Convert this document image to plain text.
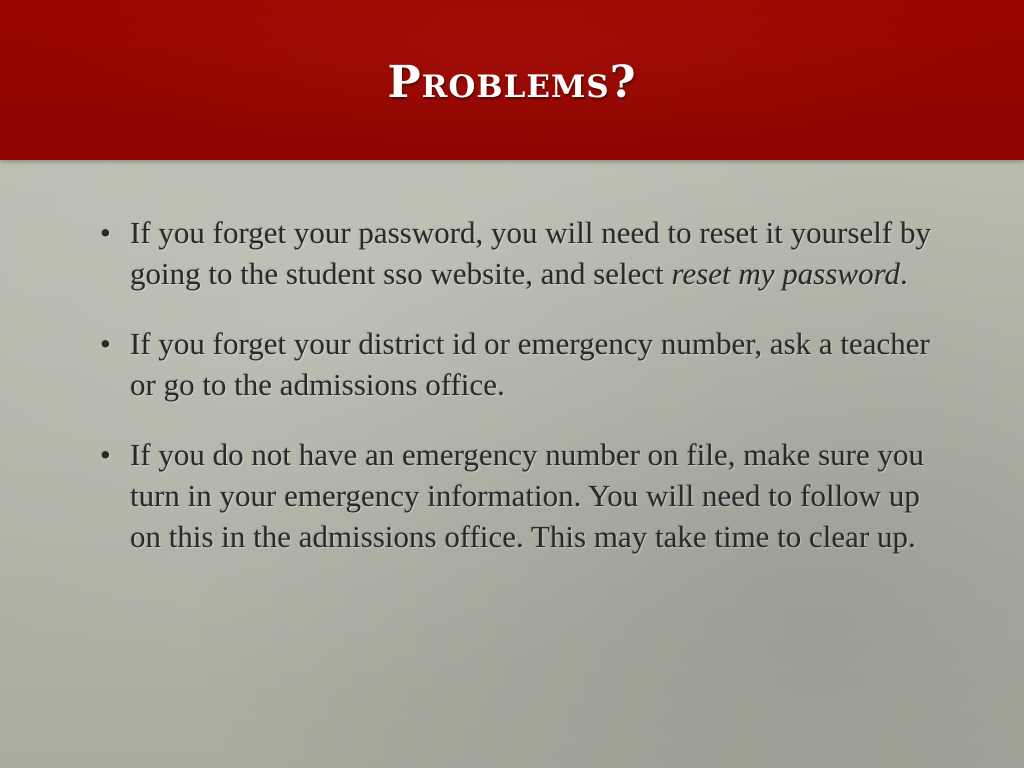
Problems?
• If you forget your password, you will need to reset it yourself by going to the student sso website, and select reset my password.
• If you forget your district id or emergency number, ask a teacher or go to the admissions office.
• If you do not have an emergency number on file, make sure you turn in your emergency information. You will need to follow up on this in the admissions office. This may take time to clear up.
